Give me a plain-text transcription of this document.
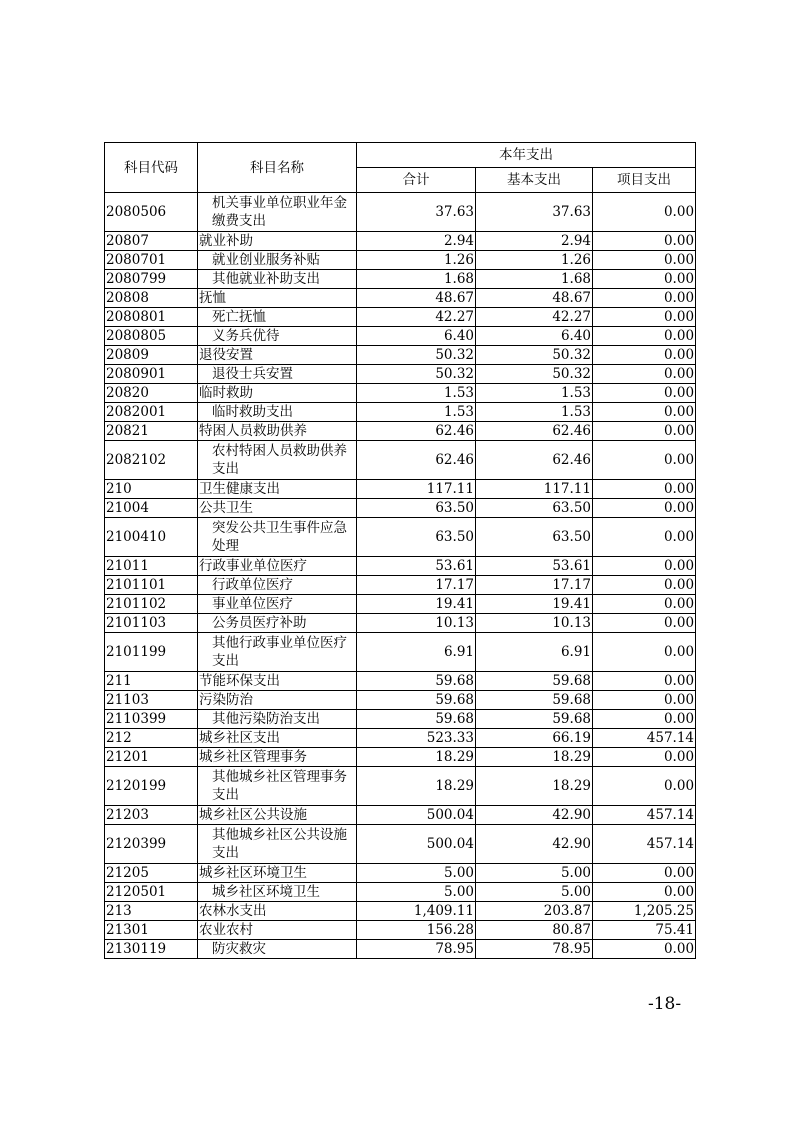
科目代码	科目名称	本年支出		
		合计	基本支出	项目支出
2080506	机关事业单位职业年金缴费支出	37.63	37.63	0.00
20807	就业补助	2.94	2.94	0.00
2080701	就业创业服务补贴	1.26	1.26	0.00
2080799	其他就业补助支出	1.68	1.68	0.00
20808	抚恤	48.67	48.67	0.00
2080801	死亡抚恤	42.27	42.27	0.00
2080805	义务兵优待	6.40	6.40	0.00
20809	退役安置	50.32	50.32	0.00
2080901	退役士兵安置	50.32	50.32	0.00
20820	临时救助	1.53	1.53	0.00
2082001	临时救助支出	1.53	1.53	0.00
20821	特困人员救助供养	62.46	62.46	0.00
2082102	农村特困人员救助供养支出	62.46	62.46	0.00
210	卫生健康支出	117.11	117.11	0.00
21004	公共卫生	63.50	63.50	0.00
2100410	突发公共卫生事件应急处理	63.50	63.50	0.00
21011	行政事业单位医疗	53.61	53.61	0.00
2101101	行政单位医疗	17.17	17.17	0.00
2101102	事业单位医疗	19.41	19.41	0.00
2101103	公务员医疗补助	10.13	10.13	0.00
2101199	其他行政事业单位医疗支出	6.91	6.91	0.00
211	节能环保支出	59.68	59.68	0.00
21103	污染防治	59.68	59.68	0.00
2110399	其他污染防治支出	59.68	59.68	0.00
212	城乡社区支出	523.33	66.19	457.14
21201	城乡社区管理事务	18.29	18.29	0.00
2120199	其他城乡社区管理事务支出	18.29	18.29	0.00
21203	城乡社区公共设施	500.04	42.90	457.14
2120399	其他城乡社区公共设施支出	500.04	42.90	457.14
21205	城乡社区环境卫生	5.00	5.00	0.00
2120501	城乡社区环境卫生	5.00	5.00	0.00
213	农林水支出	1,409.11	203.87	1,205.25
21301	农业农村	156.28	80.87	75.41
2130119	防灾救灾	78.95	78.95	0.00
-18-
